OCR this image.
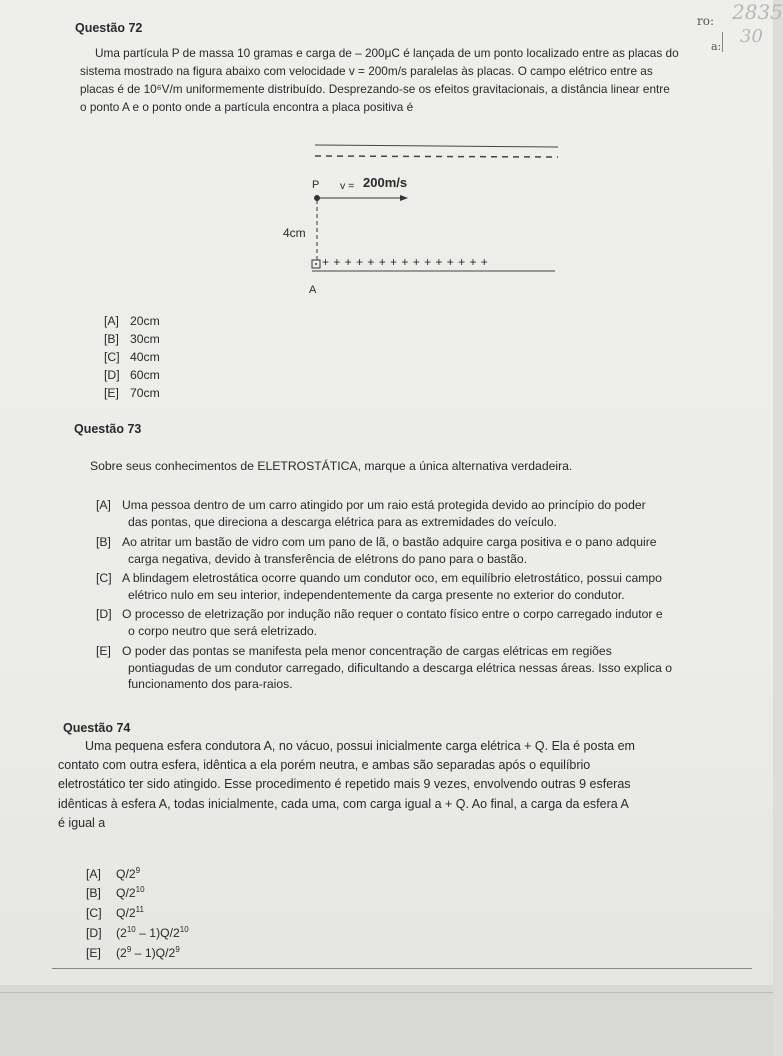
ro:
a:
2835
30
Questão 72
Uma partícula P de massa 10 gramas e carga de – 200μC é lançada de um ponto localizado entre as placas do
sistema mostrado na figura abaixo com velocidade v = 200m/s paralelas às placas. O campo elétrico entre as
placas é de 10⁶V/m uniformemente distribuído. Desprezando-se os efeitos gravitacionais, a distância linear entre
o ponto A e o ponto onde a partícula encontra a placa positiva é
P v = 200m/s
4cm
+ + + + + + + + + + + + + + +
A
[A] 20cm
[B] 30cm
[C] 40cm
[D] 60cm
[E] 70cm
Questão 73
Sobre seus conhecimentos de ELETROSTÁTICA, marque a única alternativa verdadeira.
[A] Uma pessoa dentro de um carro atingido por um raio está protegida devido ao princípio do poder
das pontas, que direciona a descarga elétrica para as extremidades do veículo.
[B] Ao atritar um bastão de vidro com um pano de lã, o bastão adquire carga positiva e o pano adquire
carga negativa, devido à transferência de elétrons do pano para o bastão.
[C] A blindagem eletrostática ocorre quando um condutor oco, em equilíbrio eletrostático, possui campo
elétrico nulo em seu interior, independentemente da carga presente no exterior do condutor.
[D] O processo de eletrização por indução não requer o contato físico entre o corpo carregado indutor e
o corpo neutro que será eletrizado.
[E] O poder das pontas se manifesta pela menor concentração de cargas elétricas em regiões
pontiagudas de um condutor carregado, dificultando a descarga elétrica nessas áreas. Isso explica o
funcionamento dos para-raios.
Questão 74
Uma pequena esfera condutora A, no vácuo, possui inicialmente carga elétrica + Q. Ela é posta em
contato com outra esfera, idêntica a ela porém neutra, e ambas são separadas após o equilíbrio
eletrostático ter sido atingido. Esse procedimento é repetido mais 9 vezes, envolvendo outras 9 esferas
idênticas à esfera A, todas inicialmente, cada uma, com carga igual a + Q. Ao final, a carga da esfera A
é igual a
[A] $Q/2^9$
[B] $Q/2^{10}$
[C] $Q/2^{11}$
[D] $(2^{10} - 1)Q/2^{10}$
[E] $(2^9 - 1)Q/2^9$
